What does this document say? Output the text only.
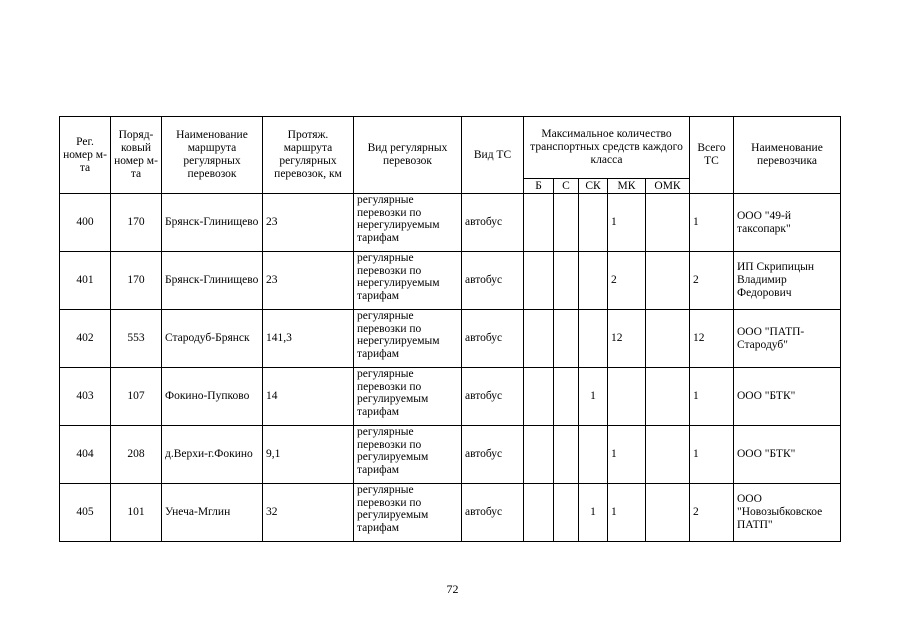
Рег. номер м-та	Поряд-ковый номер м-та	Наименование маршрута регулярных перевозок	Протяж. маршрута регулярных перевозок, км	Вид регулярных перевозок	Вид ТС	Максимальное количество транспортных средств каждого класса					Всего ТС	Наименование перевозчика
						Б	С	СК	МК	ОМК		
400	170	Брянск-Глинищево	23	регулярные перевозки по нерегулируемым тарифам	автобус				1		1	ООО "49-й таксопарк"
401	170	Брянск-Глинищево	23	регулярные перевозки по нерегулируемым тарифам	автобус				2		2	ИП Скрипицын Владимир Федорович
402	553	Стародуб-Брянск	141,3	регулярные перевозки по нерегулируемым тарифам	автобус				12		12	ООО "ПАТП-Стародуб"
403	107	Фокино-Пупково	14	регулярные перевозки по регулируемым тарифам	автобус			1			1	ООО "БТК"
404	208	д.Верхи-г.Фокино	9,1	регулярные перевозки по регулируемым тарифам	автобус				1		1	ООО "БТК"
405	101	Унеча-Мглин	32	регулярные перевозки по регулируемым тарифам	автобус			1	1		2	ООО "Новозыбковское ПАТП"
72
